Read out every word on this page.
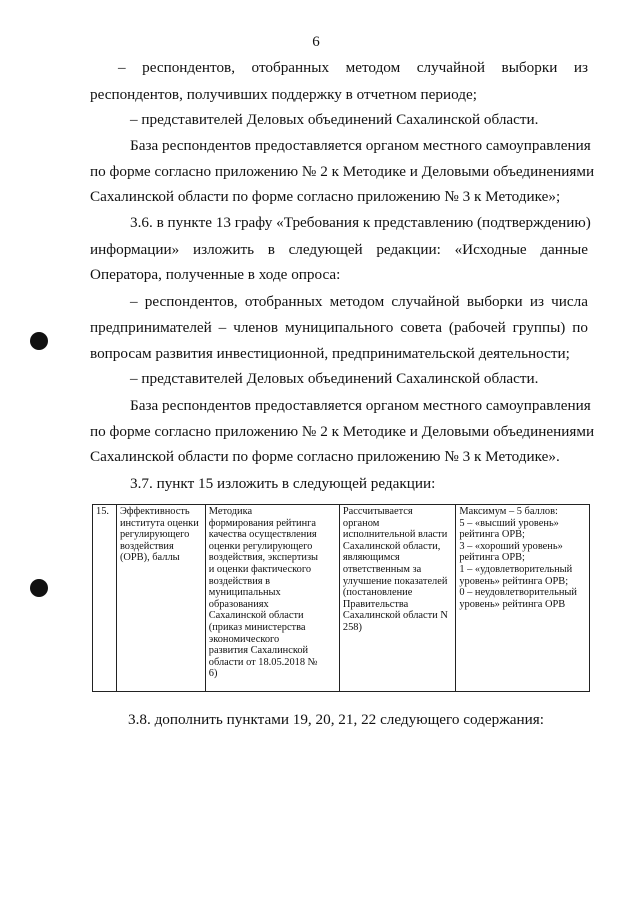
6
– респондентов, отобранных методом случайной выборки из
респондентов, получивших поддержку в отчетном периоде;
– представителей Деловых объединений Сахалинской области.
База респондентов предоставляется органом местного самоуправления
по форме согласно приложению № 2 к Методике и Деловыми объединениями
Сахалинской области по форме согласно приложению № 3 к Методике»;
3.6. в пункте 13 графу «Требования к представлению (подтверждению)
информации» изложить в следующей редакции: «Исходные данные
Оператора, полученные в ходе опроса:
– респондентов, отобранных методом случайной выборки из числа
предпринимателей – членов муниципального совета (рабочей группы) по
вопросам развития инвестиционной, предпринимательской деятельности;
– представителей Деловых объединений Сахалинской области.
База респондентов предоставляется органом местного самоуправления
по форме согласно приложению № 2 к Методике и Деловыми объединениями
Сахалинской области по форме согласно приложению № 3 к Методике».
3.7. пункт 15 изложить в следующей редакции:
15.	Эффективность
института оценки
регулирующего
воздействия
(ОРВ), баллы

Методика
формирования рейтинга
качества осуществления
оценки регулирующего
воздействия, экспертизы
и оценки фактического
воздействия в
муниципальных
образованиях
Сахалинской области
(приказ министерства
экономического
развития Сахалинской
области от 18.05.2018 №
6)

Рассчитывается
органом
исполнительной власти
Сахалинской области,
являющимся
ответственным за
улучшение показателей
(постановление
Правительства
Сахалинской области N
258)

Максимум – 5 баллов:
5 – «высший уровень»
рейтинга ОРВ;
3 – «хороший уровень»
рейтинга ОРВ;
1 – «удовлетворительный
уровень» рейтинга ОРВ;
0 – неудовлетворительный
уровень» рейтинга ОРВ
3.8. дополнить пунктами 19, 20, 21, 22 следующего содержания:
